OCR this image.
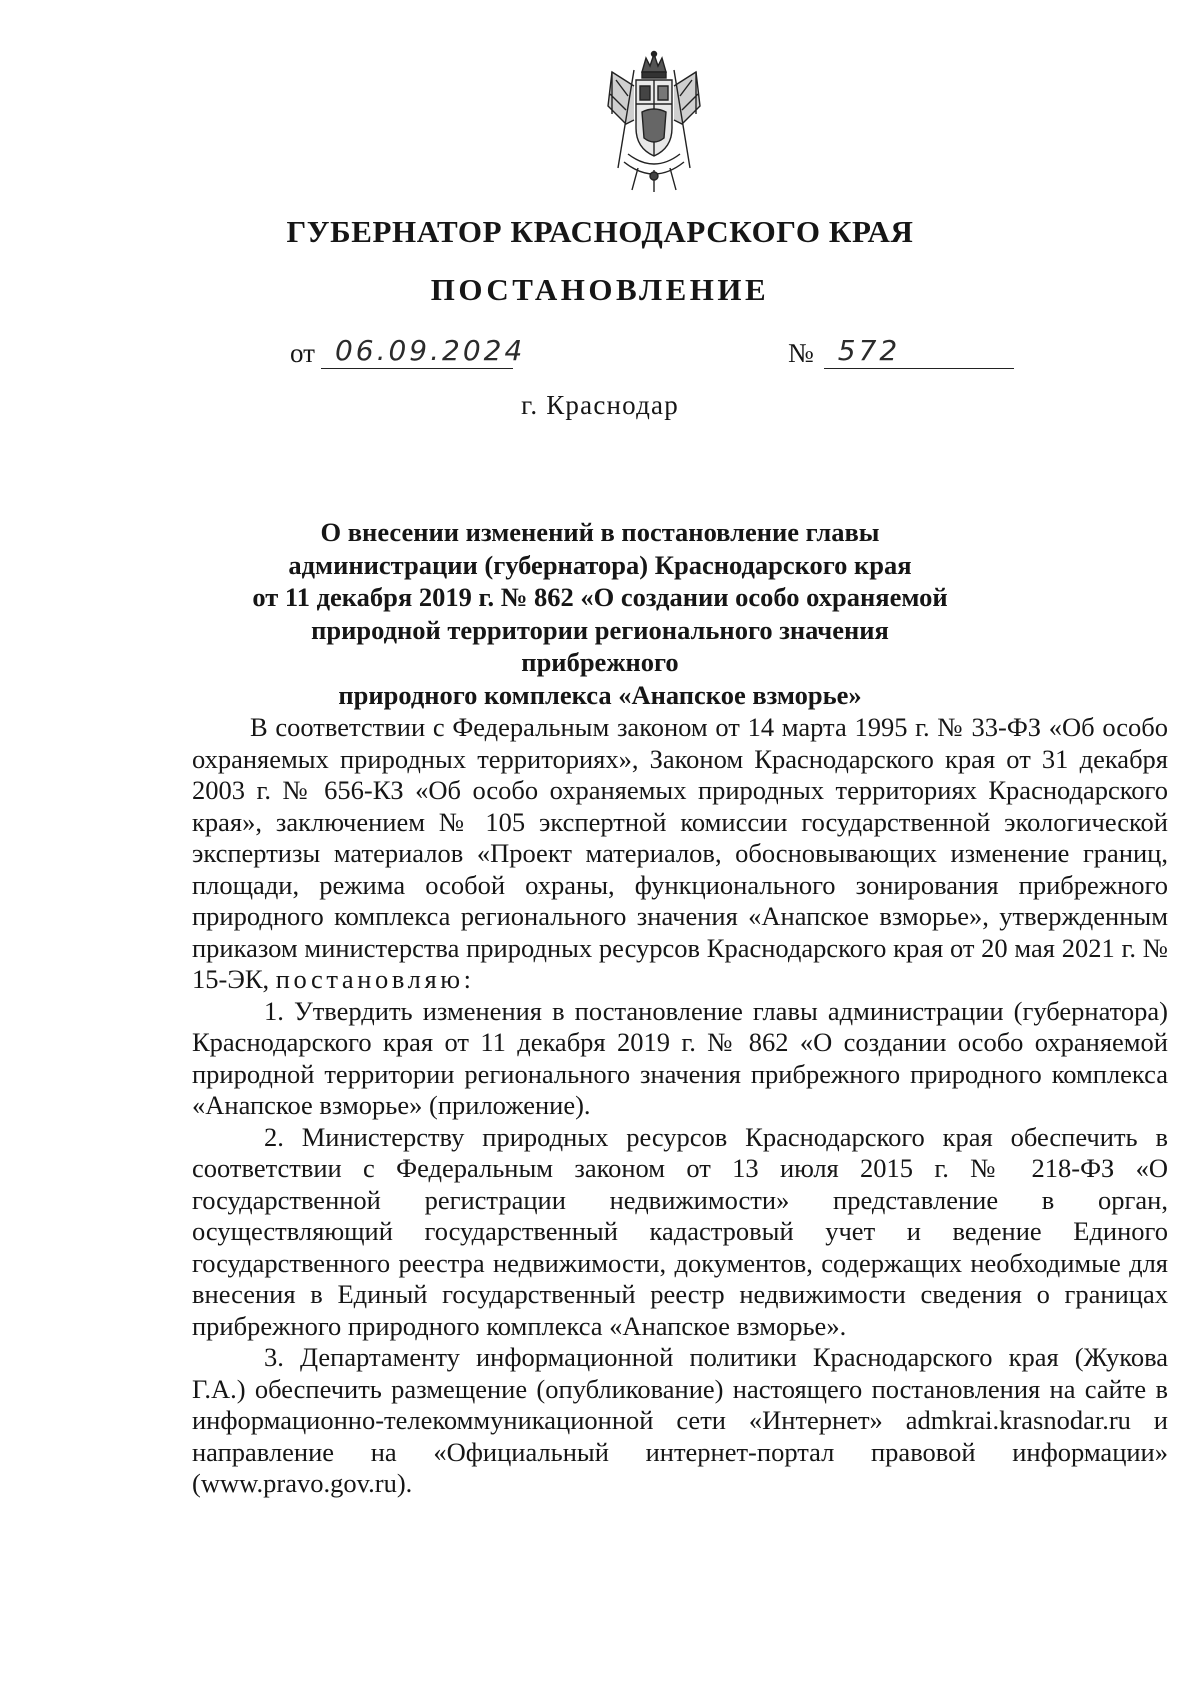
ГУБЕРНАТОР КРАСНОДАРСКОГО КРАЯ
ПОСТАНОВЛЕНИЕ
от 06.09.2024	№ 572
г. Краснодар
О внесении изменений в постановление главы
администрации (губернатора) Краснодарского края
от 11 декабря 2019 г. № 862 «О создании особо охраняемой
природной территории регионального значения прибрежного
природного комплекса «Анапское взморье»

В соответствии с Федеральным законом от 14 марта 1995 г. № 33-ФЗ «Об особо охраняемых природных территориях», Законом Краснодарского края от 31 декабря 2003 г. № 656-КЗ «Об особо охраняемых природных территориях Краснодарского края», заключением № 105 экспертной комиссии государственной экологической экспертизы материалов «Проект материалов, обосновывающих изменение границ, площади, режима особой охраны, функционального зонирования прибрежного природного комплекса регионального значения «Анапское взморье», утвержденным приказом министерства природных ресурсов Краснодарского края от 20 мая 2021 г. № 15-ЭК, постановляю:

1. Утвердить изменения в постановление главы администрации (губернатора) Краснодарского края от 11 декабря 2019 г. № 862 «О создании особо охраняемой природной территории регионального значения прибрежного природного комплекса «Анапское взморье» (приложение).

2. Министерству природных ресурсов Краснодарского края обеспечить в соответствии с Федеральным законом от 13 июля 2015 г. № 218-ФЗ «О государственной регистрации недвижимости» представление в орган, осуществляющий государственный кадастровый учет и ведение Единого государственного реестра недвижимости, документов, содержащих необходимые для внесения в Единый государственный реестр недвижимости сведения о границах прибрежного природного комплекса «Анапское взморье».

3. Департаменту информационной политики Краснодарского края (Жукова Г.А.) обеспечить размещение (опубликование) настоящего постановления на сайте в информационно-телекоммуникационной сети «Интернет» admkrai.krasnodar.ru и направление на «Официальный интернет-портал правовой информации» (www.pravo.gov.ru).
